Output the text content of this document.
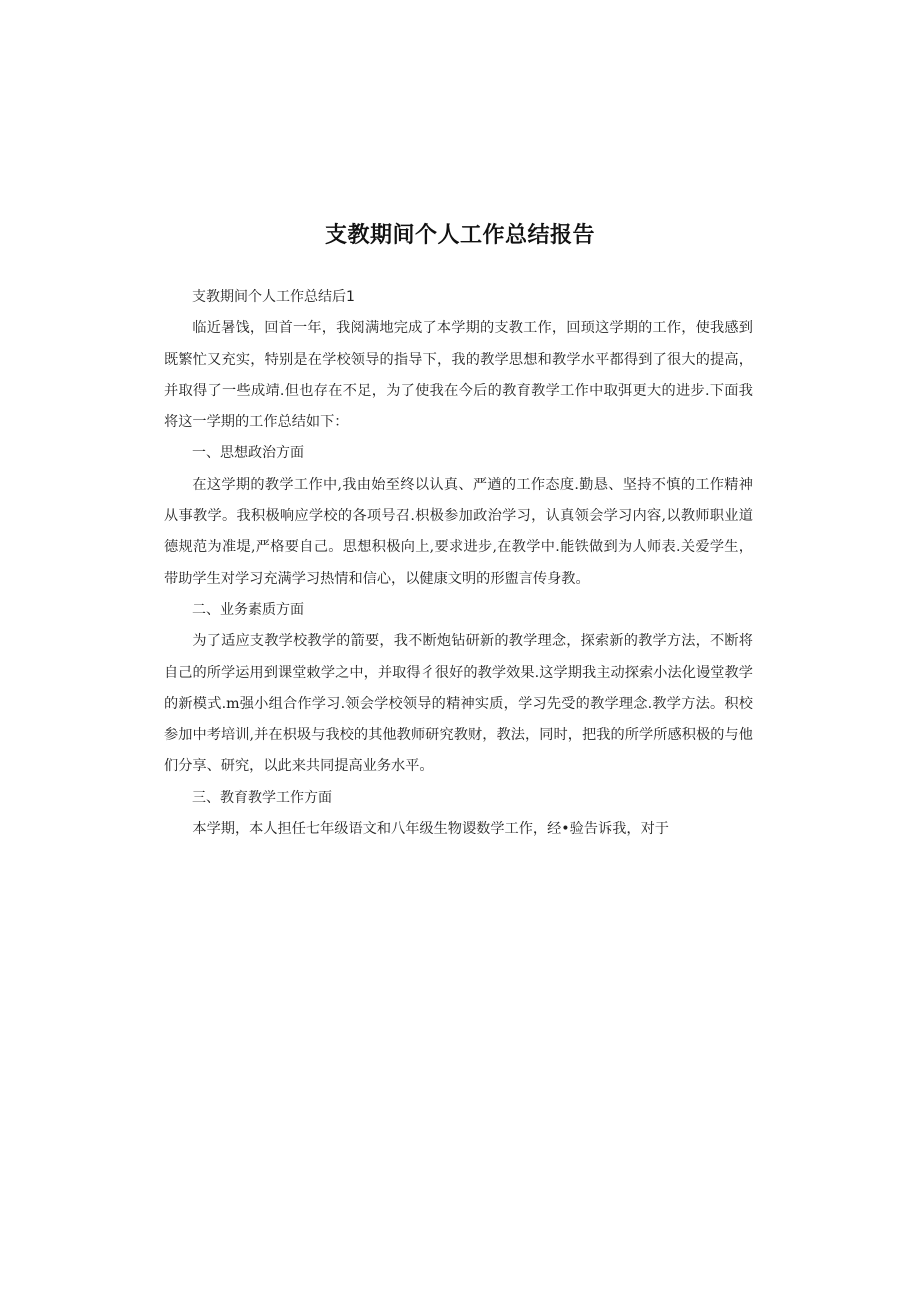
支教期间个人工作总结报告

支教期间个人工作总结后1

临近暑饯，回首一年，我阅满地完成了本学期的支教工作，回顼这学期的工作，使我感到既繁忙又充实，特别是在学校领导的指导下，我的教学思想和教学水平都得到了很大的提高，并取得了一些成靖.但也存在不足，为了使我在今后的教育教学工作中取弭更大的进步.下面我将这一学期的工作总结如下：

一、思想政治方面

在这学期的教学工作中,我由始至终以认真、严遒的工作态度.勤恳、坚持不慎的工作精神从事教学。我积极响应学校的各项号召.枳极参加政治学习，认真领会学习内容,以教师职业道德规范为准堤,严格要自己。思想积极向上,要求进步,在教学中.能铁做到为人师表.关爱学生，带助学生对学习充满学习热情和信心，以健康文明的形盥言传身教。

二、业务素质方面

为了适应支教学校教学的箭要，我不断炮钻研新的教学理念，探索新的教学方法，不断将自己的所学运用到课堂敕学之中，并取得彳很好的教学效果.这学期我主动探索小法化谩堂教学的新模式.m强小组合作学习.领会学校领导的精神实质，学习先受的教学理念.教学方法。积校参加中考培训,并在枳圾与我校的其他教师研究教财，教法，同时，把我的所学所感积极的与他们分享、研究，以此来共同提高业务水平。

三、教育教学工作方面

本学期，本人担任七年级语文和八年级生物谡数学工作，经•验告诉我，对于
